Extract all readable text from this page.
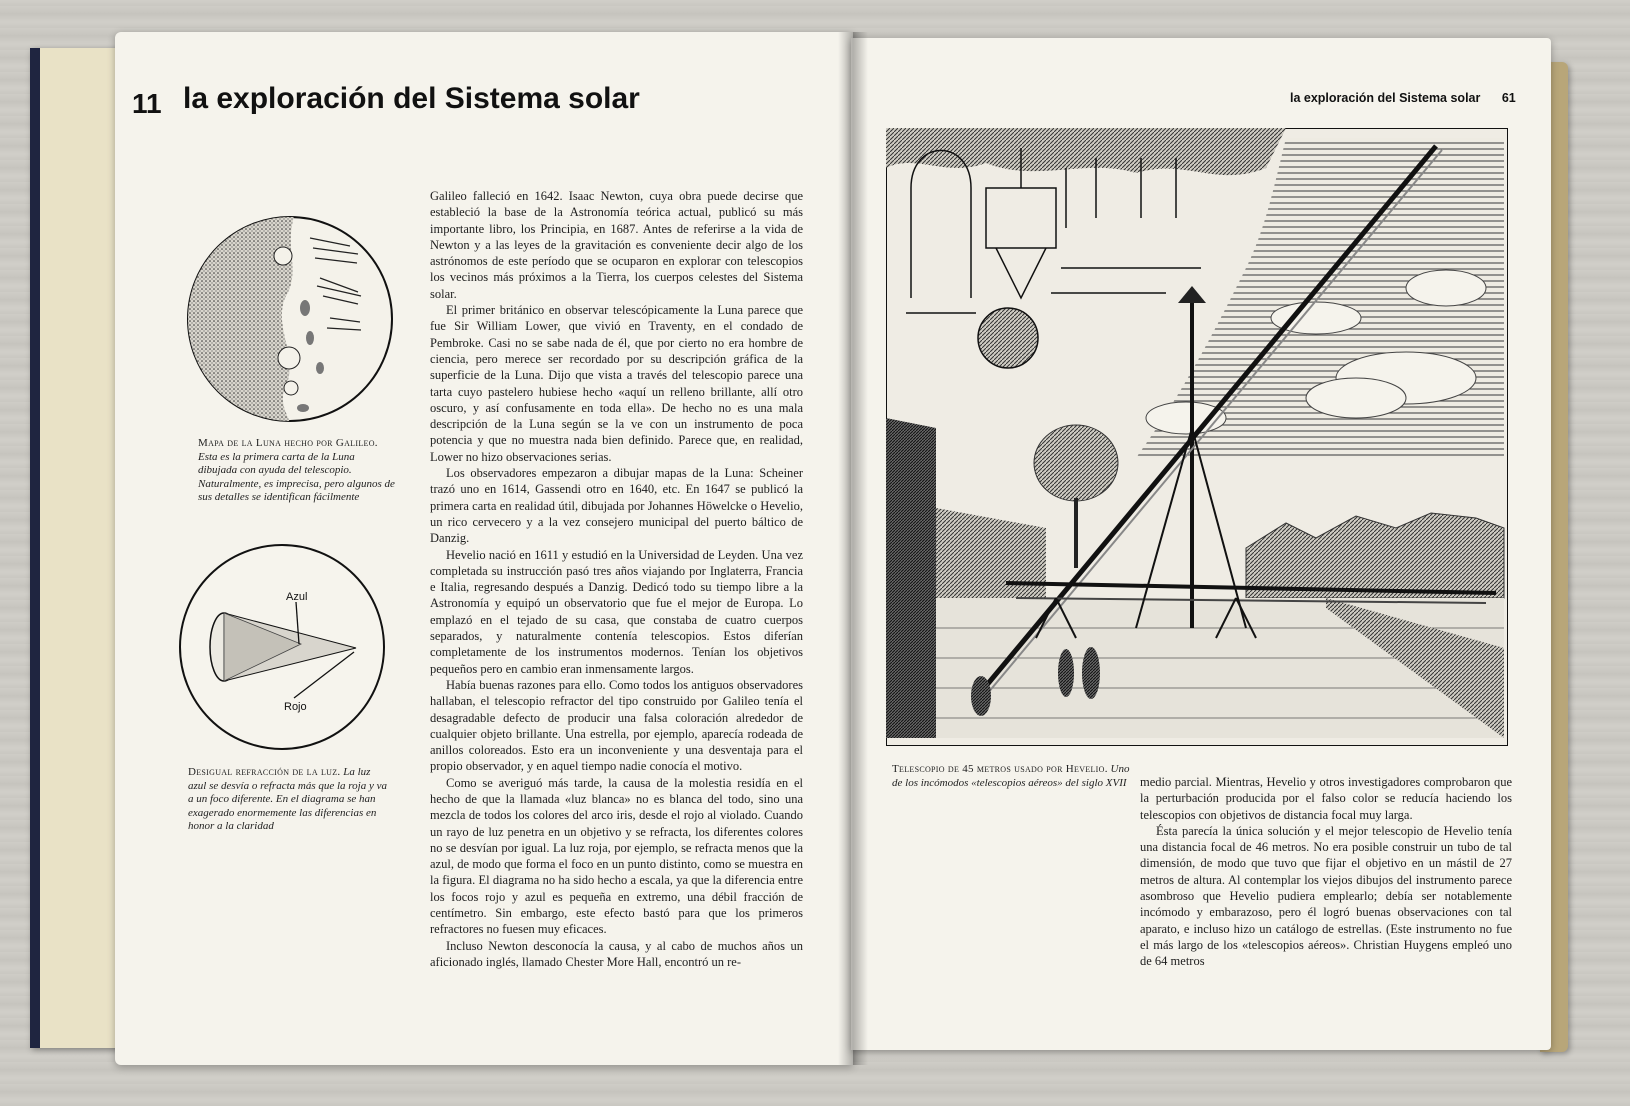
11 la exploración del Sistema solar
Mapa de la Luna hecho por Galileo. Esta es la primera carta de la Luna dibujada con ayuda del telescopio. Naturalmente, es imprecisa, pero algunos de sus detalles se identifican fácilmente
Azul
Rojo
Desigual refracción de la luz. La luz azul se desvía o refracta más que la roja y va a un foco diferente. En el diagrama se han exagerado enormemente las diferencias en honor a la claridad

Galileo falleció en 1642. Isaac Newton, cuya obra puede decirse que estableció la base de la Astronomía teórica actual, publicó su más importante libro, los Principia, en 1687. Antes de referirse a la vida de Newton y a las leyes de la gravitación es conveniente decir algo de los astrónomos de este período que se ocuparon en explorar con telescopios los vecinos más próximos a la Tierra, los cuerpos celestes del Sistema solar.

El primer británico en observar telescópicamente la Luna parece que fue Sir William Lower, que vivió en Traventy, en el condado de Pembroke. Casi no se sabe nada de él, que por cierto no era hombre de ciencia, pero merece ser recordado por su descripción gráfica de la superficie de la Luna. Dijo que vista a través del telescopio parece una tarta cuyo pastelero hubiese hecho «aquí un relleno brillante, allí otro oscuro, y así confusamente en toda ella». De hecho no es una mala descripción de la Luna según se la ve con un instrumento de poca potencia y que no muestra nada bien definido. Parece que, en realidad, Lower no hizo observaciones serias.

Los observadores empezaron a dibujar mapas de la Luna: Scheiner trazó uno en 1614, Gassendi otro en 1640, etc. En 1647 se publicó la primera carta en realidad útil, dibujada por Johannes Höwelcke o Hevelio, un rico cervecero y a la vez consejero municipal del puerto báltico de Danzig.

Hevelio nació en 1611 y estudió en la Universidad de Leyden. Una vez completada su instrucción pasó tres años viajando por Inglaterra, Francia e Italia, regresando después a Danzig. Dedicó todo su tiempo libre a la Astronomía y equipó un observatorio que fue el mejor de Europa. Lo emplazó en el tejado de su casa, que constaba de cuatro cuerpos separados, y naturalmente contenía telescopios. Estos diferían completamente de los instrumentos modernos. Tenían los objetivos pequeños pero en cambio eran inmensamente largos.

Había buenas razones para ello. Como todos los antiguos observadores hallaban, el telescopio refractor del tipo construido por Galileo tenía el desagradable defecto de producir una falsa coloración alrededor de cualquier objeto brillante. Una estrella, por ejemplo, aparecía rodeada de anillos coloreados. Esto era un inconveniente y una desventaja para el propio observador, y en aquel tiempo nadie conocía el motivo.

Como se averiguó más tarde, la causa de la molestia residía en el hecho de que la llamada «luz blanca» no es blanca del todo, sino una mezcla de todos los colores del arco iris, desde el rojo al violado. Cuando un rayo de luz penetra en un objetivo y se refracta, los diferentes colores no se desvían por igual. La luz roja, por ejemplo, se refracta menos que la azul, de modo que forma el foco en un punto distinto, como se muestra en la figura. El diagrama no ha sido hecho a escala, ya que la diferencia entre los focos rojo y azul es pequeña en extremo, una débil fracción de centímetro. Sin embargo, este efecto bastó para que los primeros refractores no fuesen muy eficaces.

Incluso Newton desconocía la causa, y al cabo de muchos años un aficionado inglés, llamado Chester More Hall, encontró un re-

la exploración del Sistema solar 61
Telescopio de 45 metros usado por Hevelio. Uno de los incómodos «telescopios aéreos» del siglo XVII	medio parcial. Mientras, Hevelio y otros investigadores comprobaron que la perturbación producida por el falso color se reducía haciendo los telescopios con objetivos de distancia focal muy larga.

Ésta parecía la única solución y el mejor telescopio de Hevelio tenía una distancia focal de 46 metros. No era posible construir un tubo de tal dimensión, de modo que tuvo que fijar el objetivo en un mástil de 27 metros de altura. Al contemplar los viejos dibujos del instrumento parece asombroso que Hevelio pudiera emplearlo; debía ser notablemente incómodo y embarazoso, pero él logró buenas observaciones con tal aparato, e incluso hizo un catálogo de estrellas. (Este instrumento no fue el más largo de los «telescopios aéreos». Christian Huygens empleó uno de 64 metros
